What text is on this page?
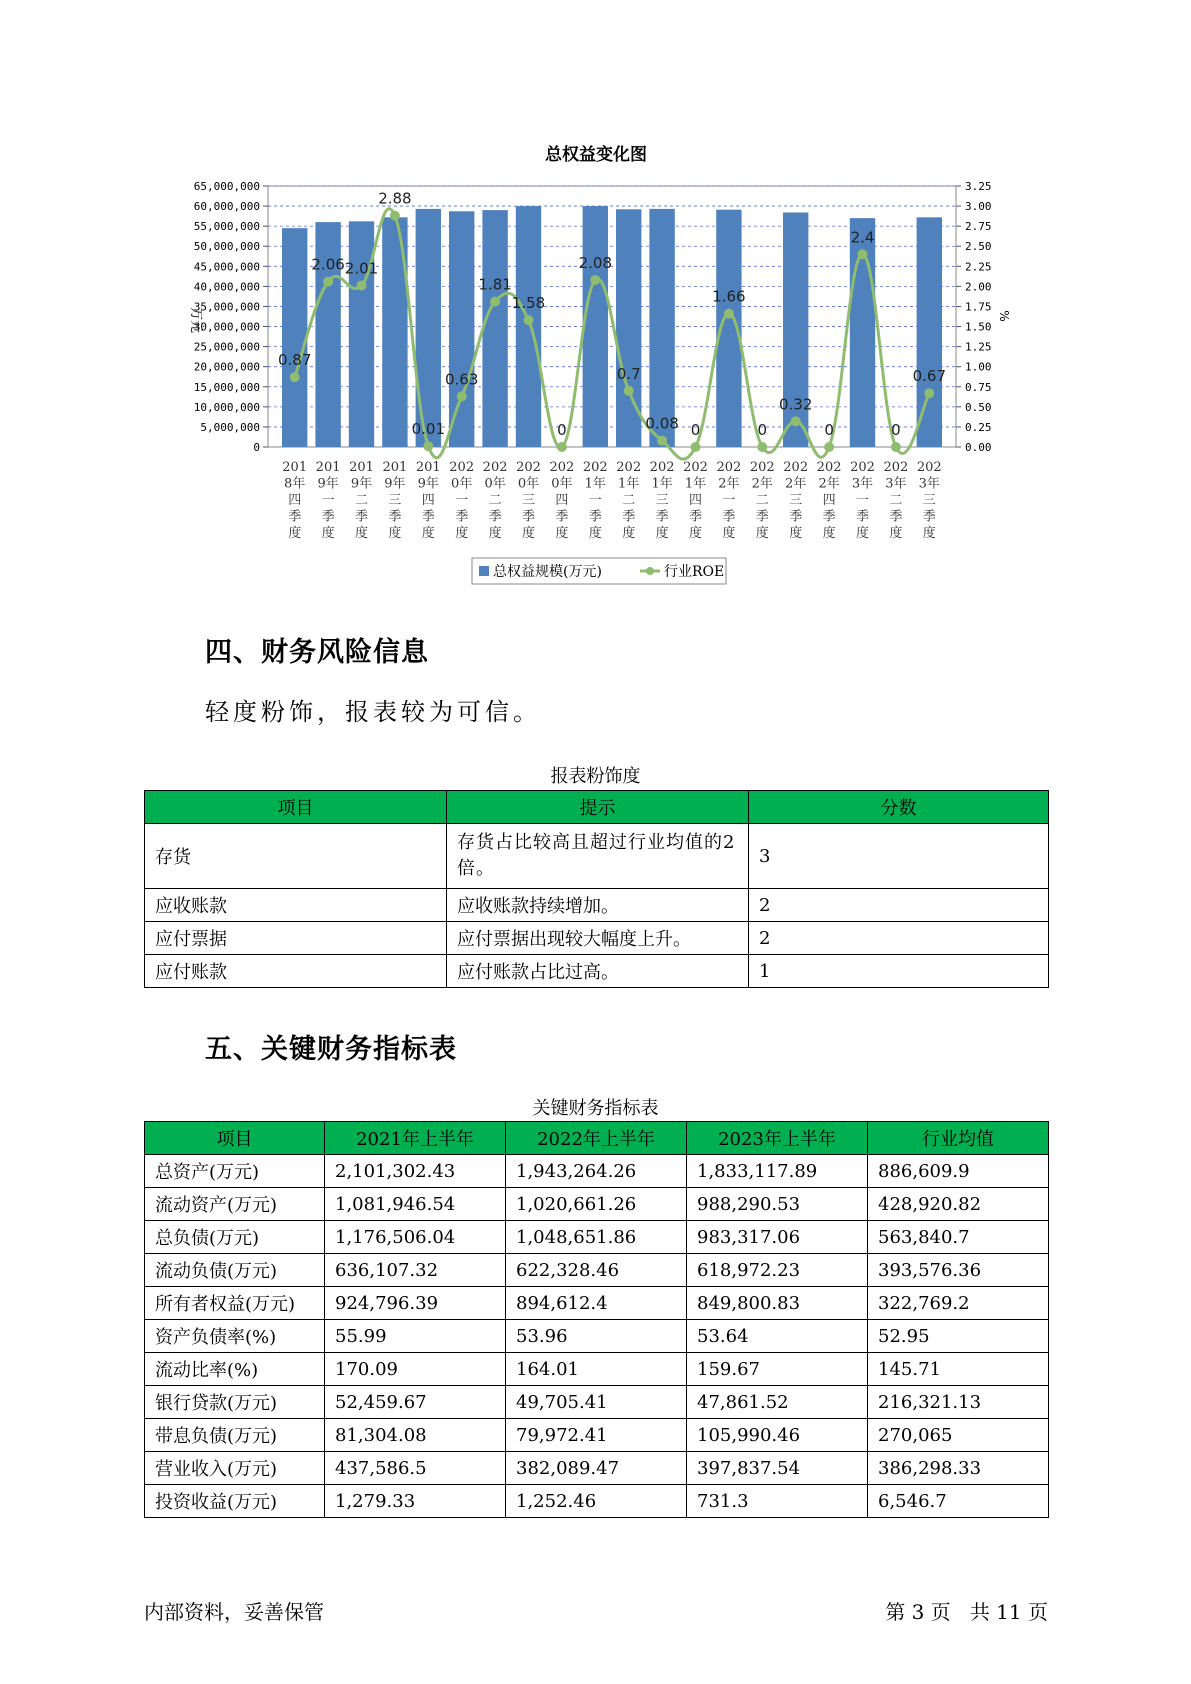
总权益变化图
0.87
2.06 2.01
2.88
0.01
0.63
1.81
1.58
0
2.08
0.7
0.08 0
1.66
0
0.32
0
2.4
0
0.67
0
5,000,000
10,000,000
15,000,000
20,000,000
25,000,000
30,000,000
35,000,000
40,000,000
45,000,000
50,000,000
55,000,000
60,000,000
65,000,000
0.00
0.25
0.50
0.75
1.00
1.25
1.50
1.75
2.00
2.25
2.50
2.75
3.00
3.25
201
8年
四
季
度
201
9年
一
季
度
201
9年
二
季
度
201
9年
三
季
度
201
9年
四
季
度
202
0年
一
季
度
202
0年
二
季
度
202
0年
三
季
度
202
0年
四
季
度
202
1年
一
季
度
202
1年
二
季
度
202
1年
三
季
度
202
1年
四
季
度
202
2年
一
季
度
202
2年
二
季
度
202
2年
三
季
度
202
2年
四
季
度
202
3年
一
季
度
202
3年
二
季
度
202
3年
三
季
度
万元	%
总权益规模(万元)	行业ROE
四、财务风险信息
轻度粉饰，报表较为可信。
报表粉饰度
项目	提示	分数
存货	存货占比较高且超过行业均值的2倍。	3
应收账款	应收账款持续增加。	2
应付票据	应付票据出现较大幅度上升。	2
应付账款	应付账款占比过高。	1
五、关键财务指标表
关键财务指标表
项目	2021年上半年	2022年上半年	2023年上半年	行业均值
总资产(万元)	2,101,302.43	1,943,264.26	1,833,117.89	886,609.9
流动资产(万元)	1,081,946.54	1,020,661.26	988,290.53	428,920.82
总负债(万元)	1,176,506.04	1,048,651.86	983,317.06	563,840.7
流动负债(万元)	636,107.32	622,328.46	618,972.23	393,576.36
所有者权益(万元)	924,796.39	894,612.4	849,800.83	322,769.2
资产负债率(%)	55.99	53.96	53.64	52.95
流动比率(%)	170.09	164.01	159.67	145.71
银行贷款(万元)	52,459.67	49,705.41	47,861.52	216,321.13
带息负债(万元)	81,304.08	79,972.41	105,990.46	270,065
营业收入(万元)	437,586.5	382,089.47	397,837.54	386,298.33
投资收益(万元)	1,279.33	1,252.46	731.3	6,546.7
内部资料，妥善保管	第 3 页   共 11 页
